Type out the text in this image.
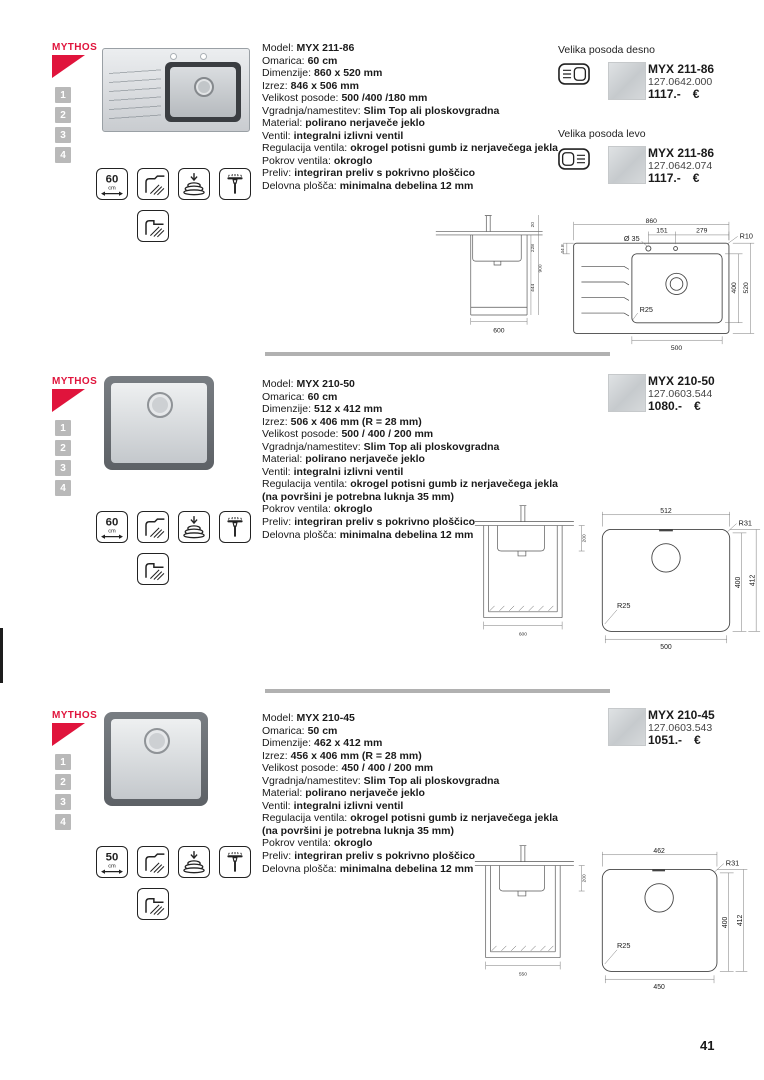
MYTHOS
1
2
3
4
Model: MYX 211-86
Omarica: 60 cm
Dimenzije: 860 x 520 mm
Izrez: 846 x 506 mm
Velikost posode: 500 /400 /180 mm
Vgradnja/namestitev: Slim Top ali ploskovgradna
Material: polirano nerjaveče jeklo
Ventil: integralni izlivni ventil
Regulacija ventila: okrogel potisni gumb iz nerjavečega jekla
Pokrov ventila: okroglo
Preliv: integriran preliv s pokrivno ploščico
Delovna plošča: minimalna debelina 12 mm
60
cm
Velika posoda desno
MYX 211-86
127.0642.000
1117.- €
Velika posoda levo
MYX 211-86
127.0642.074
1117.- €
600
20
228
444
900
860
151	279
Ø 35	R10
44.8
400 520
R25
500
MYTHOS
1
2
3
4
Model: MYX 210-50
Omarica: 60 cm
Dimenzije: 512 x 412 mm
Izrez: 506 x 406 mm (R = 28 mm)
Velikost posode: 500 / 400 / 200 mm
Vgradnja/namestitev: Slim Top ali ploskovgradna
Material: polirano nerjaveče jeklo
Ventil: integralni izlivni ventil
Regulacija ventila: okrogel potisni gumb iz nerjavečega jekla (na površini je potrebna luknja 35 mm)
Pokrov ventila: okroglo
Preliv: integriran preliv s pokrivno ploščico
Delovna plošča: minimalna debelina 12 mm
60
cm
MYX 210-50
127.0603.544
1080.- €
200
600
512
R31
400 412
R25
500
MYTHOS
1
2
3
4
Model: MYX 210-45
Omarica: 50 cm
Dimenzije: 462 x 412 mm
Izrez: 456 x 406 mm (R = 28 mm)
Velikost posode: 450 / 400 / 200 mm
Vgradnja/namestitev: Slim Top ali ploskovgradna
Material: polirano nerjaveče jeklo
Ventil: integralni izlivni ventil
Regulacija ventila: okrogel potisni gumb iz nerjavečega jekla (na površini je potrebna luknja 35 mm)
Pokrov ventila: okroglo
Preliv: integriran preliv s pokrivno ploščico
Delovna plošča: minimalna debelina 12 mm
50
cm
MYX 210-45
127.0603.543
1051.- €
200
550
462
R31
400 412
R25
450
41
